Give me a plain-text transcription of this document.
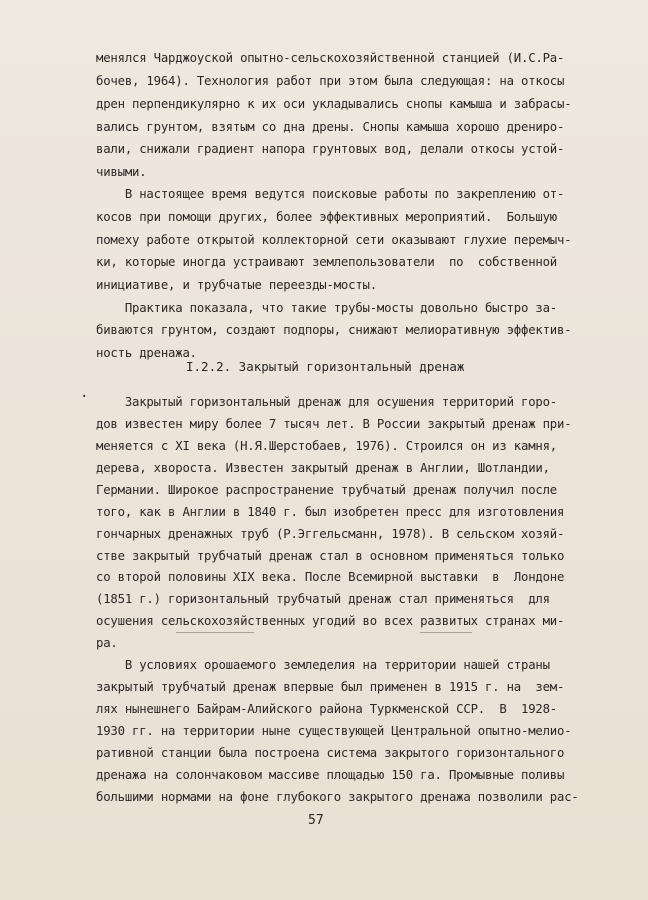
менялся Чарджоуской опытно-сельскохозяйственной станцией (И.С.Ра-
бочев, 1964). Технология работ при этом была следующая: на откосы
дрен перпендикулярно к их оси укладывались снопы камыша и забрасы-
вались грунтом, взятым со дна дрены. Снопы камыша хорошо дрениро-
вали, снижали градиент напора грунтовых вод, делали откосы устой-
чивыми.
В настоящее время ведутся поисковые работы по закреплению от-
косов при помощи других, более эффективных мероприятий.  Большую
помеху работе открытой коллекторной сети оказывают глухие перемыч-
ки, которые иногда устраивают землепользователи  по  собственной
инициативе, и трубчатые переезды-мосты.
Практика показала, что такие трубы-мосты довольно быстро за-
биваются грунтом, создают подпоры, снижают мелиоративную эффектив-
ность дренажа.
I.2.2. Закрытый горизонтальный дренаж
Закрытый горизонтальный дренаж для осушения территорий горо-
дов известен миру более 7 тысяч лет. В России закрытый дренаж при-
меняется с XI века (Н.Я.Шерстобаев, 1976). Строился он из камня,
дерева, хвороста. Известен закрытый дренаж в Англии, Шотландии,
Германии. Широкое распространение трубчатый дренаж получил после
того, как в Англии в 1840 г. был изобретен пресс для изготовления
гончарных дренажных труб (Р.Эггельсманн, 1978). В сельском хозяй-
стве закрытый трубчатый дренаж стал в основном применяться только
со второй половины XIX века. После Всемирной выставки  в  Лондоне
(1851 г.) горизонтальный трубчатый дренаж стал применяться  для
осушения сельскохозяйственных угодий во всех развитых странах ми-
ра.
В условиях орошаемого земледелия на территории нашей страны
закрытый трубчатый дренаж впервые был применен в 1915 г. на  зем-
лях нынешнего Байрам-Алийского района Туркменской ССР.  В  1928-
1930 гг. на территории ныне существующей Центральной опытно-мелио-
ративной станции была построена система закрытого горизонтального
дренажа на солончаковом массиве площадью 150 га. Промывные поливы
большими нормами на фоне глубокого закрытого дренажа позволили рас-
·
57
